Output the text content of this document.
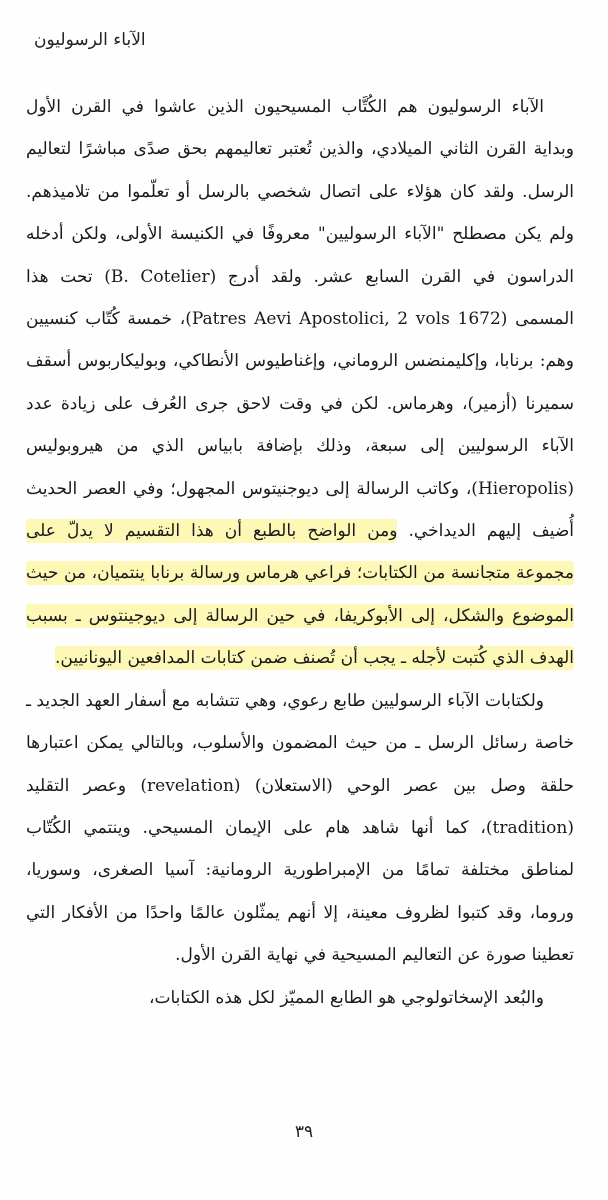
الآباء الرسوليون

الآباء الرسوليون هم الكُتَّاب المسيحيون الذين عاشوا في القرن الأول وبداية القرن الثاني الميلادي، والذين تُعتبر تعاليمهم بحق صدًى مباشرًا لتعاليم الرسل. ولقد كان هؤلاء على اتصال شخصي بالرسل أو تعلّموا من تلاميذهم. ولم يكن مصطلح "الآباء الرسوليين" معروفًا في الكنيسة الأولى، ولكن أدخله الدراسون في القرن السابع عشر. ولقد أدرج (B. Cotelier) تحت هذا المسمى (Patres Aevi Apostolici, 2 vols 1672)، خمسة كُتّاب كنسيين وهم: برنابا، وإكليمنضس الروماني، وإغناطيوس الأنطاكي، وبوليكاربوس أسقف سميرنا (أزمير)، وهرماس. لكن في وقت لاحق جرى العُرف على زيادة عدد الآباء الرسوليين إلى سبعة، وذلك بإضافة بابياس الذي من هيروبوليس (Hieropolis)، وكاتب الرسالة إلى ديوجنيتوس المجهول؛ وفي العصر الحديث أُضيف إليهم الديداخي. ومن الواضح بالطبع أن هذا التقسيم لا يدلّ على مجموعة متجانسة من الكتابات؛ فراعي هرماس ورسالة برنابا ينتميان، من حيث الموضوع والشكل، إلى الأبوكريفا، في حين الرسالة إلى ديوجينتوس ـ بسبب الهدف الذي كُتبت لأجله ـ يجب أن تُصنف ضمن كتابات المدافعين اليونانيين.

ولكتابات الآباء الرسوليين طابع رعوي، وهي تتشابه مع أسفار العهد الجديد ـ خاصة رسائل الرسل ـ من حيث المضمون والأسلوب، وبالتالي يمكن اعتبارها حلقة وصل بين عصر الوحي (الاستعلان) (revelation) وعصر التقليد (tradition)، كما أنها شاهد هام على الإيمان المسيحي. وينتمي الكُتّاب لمناطق مختلفة تمامًا من الإمبراطورية الرومانية: آسيا الصغرى، وسوريا، وروما، وقد كتبوا لظروف معينة، إلا أنهم يمثّلون عالمًا واحدًا من الأفكار التي تعطينا صورة عن التعاليم المسيحية في نهاية القرن الأول.

والبُعد الإسخاتولوجي هو الطابع المميّز لكل هذه الكتابات،

٣٩
